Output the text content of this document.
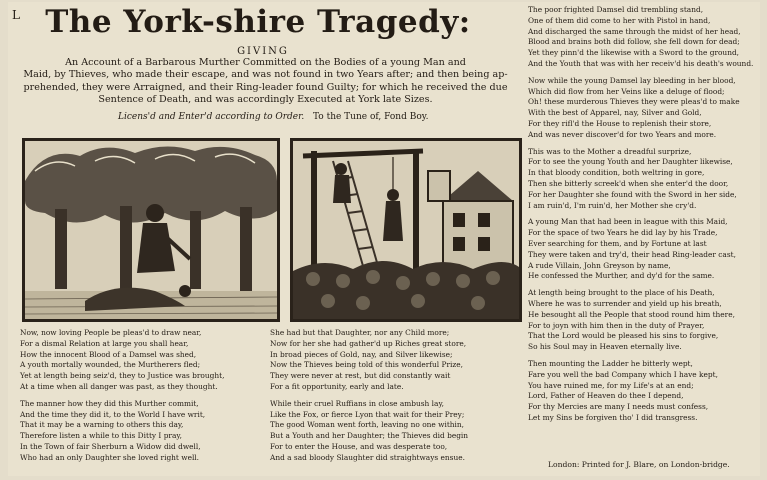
L The York-shire Tragedy:
GIVING
An Account of a Barbarous Murther Committed on the Bodies of a young Man and
Maid, by Thieves, who made their escape, and was not found in two Years after; and then being ap-
prehended, they were Arraigned, and their Ring-leader found Guilty; for which he received the due
Sentence of Death, and was accordingly Executed at York late Sizes.
Licens'd and Enter'd according to Order. To the Tune of, Fond Boy.

Now, now loving People be pleas'd to draw near,
For a dismal Relation at large you shall hear,
How the innocent Blood of a Damsel was shed,
A youth mortally wounded, the Murtherers fled;
Yet at length being seiz'd, they to Justice was brought,
At a time when all danger was past, as they thought.

The manner how they did this Murther commit,
And the time they did it, to the World I have writ,
That it may be a warning to others this day,
Therefore listen a while to this Ditty I pray,
In the Town of fair Sherburn a Widow did dwell,
Who had an only Daughter she loved right well.

She had but that Daughter, nor any Child more;
Now for her she had gather'd up Riches great store,
In broad pieces of Gold, nay, and Silver likewise;
Now the Thieves being told of this wonderful Prize,
They were never at rest, but did constantly wait
For a fit opportunity, early and late.

While their cruel Ruffians in close ambush lay,
Like the Fox, or fierce Lyon that wait for their Prey;
The good Woman went forth, leaving no one within,
But a Youth and her Daughter; the Thieves did begin
For to enter the House, and was desperate too,
And a sad bloody Slaughter did straightways ensue.

The poor frighted Damsel did trembling stand,
One of them did come to her with Pistol in hand,
And discharged the same through the midst of her head,
Blood and brains both did follow, she fell down for dead;
Yet they pinn'd the likewise with a Sword to the ground,
And the Youth that was with her receiv'd his death's wound.

Now while the young Damsel lay bleeding in her blood,
Which did flow from her Veins like a deluge of flood;
Oh! these murderous Thieves they were pleas'd to make
With the best of Apparel, nay, Silver and Gold,
For they rifl'd the House to replenish their store,
And was never discover'd for two Years and more.

This was to the Mother a dreadful surprize,
For to see the young Youth and her Daughter likewise,
In that bloody condition, both weltring in gore,
Then she bitterly screek'd when she enter'd the door,
For her Daughter she found with the Sword in her side,
I am ruin'd, I'm ruin'd, her Mother she cry'd.

A young Man that had been in league with this Maid,
For the space of two Years he did lay by his Trade,
Ever searching for them, and by Fortune at last
They were taken and try'd, their head Ring-leader cast,
A rude Villain, John Greyson by name,
He confessed the Murther, and dy'd for the same.

At length being brought to the place of his Death,
Where he was to surrender and yield up his breath,
He besought all the People that stood round him there,
For to joyn with him then in the duty of Prayer,
That the Lord would be pleased his sins to forgive,
So his Soul may in Heaven eternally live.

Then mounting the Ladder he bitterly wept,
Fare you well the bad Company which I have kept,
You have ruined me, for my Life's at an end;
Lord, Father of Heaven do thee I depend,
For thy Mercies are many I needs must confess,
Let my Sins be forgiven tho' I did transgress.

London: Printed for J. Blare, on London-bridge.
